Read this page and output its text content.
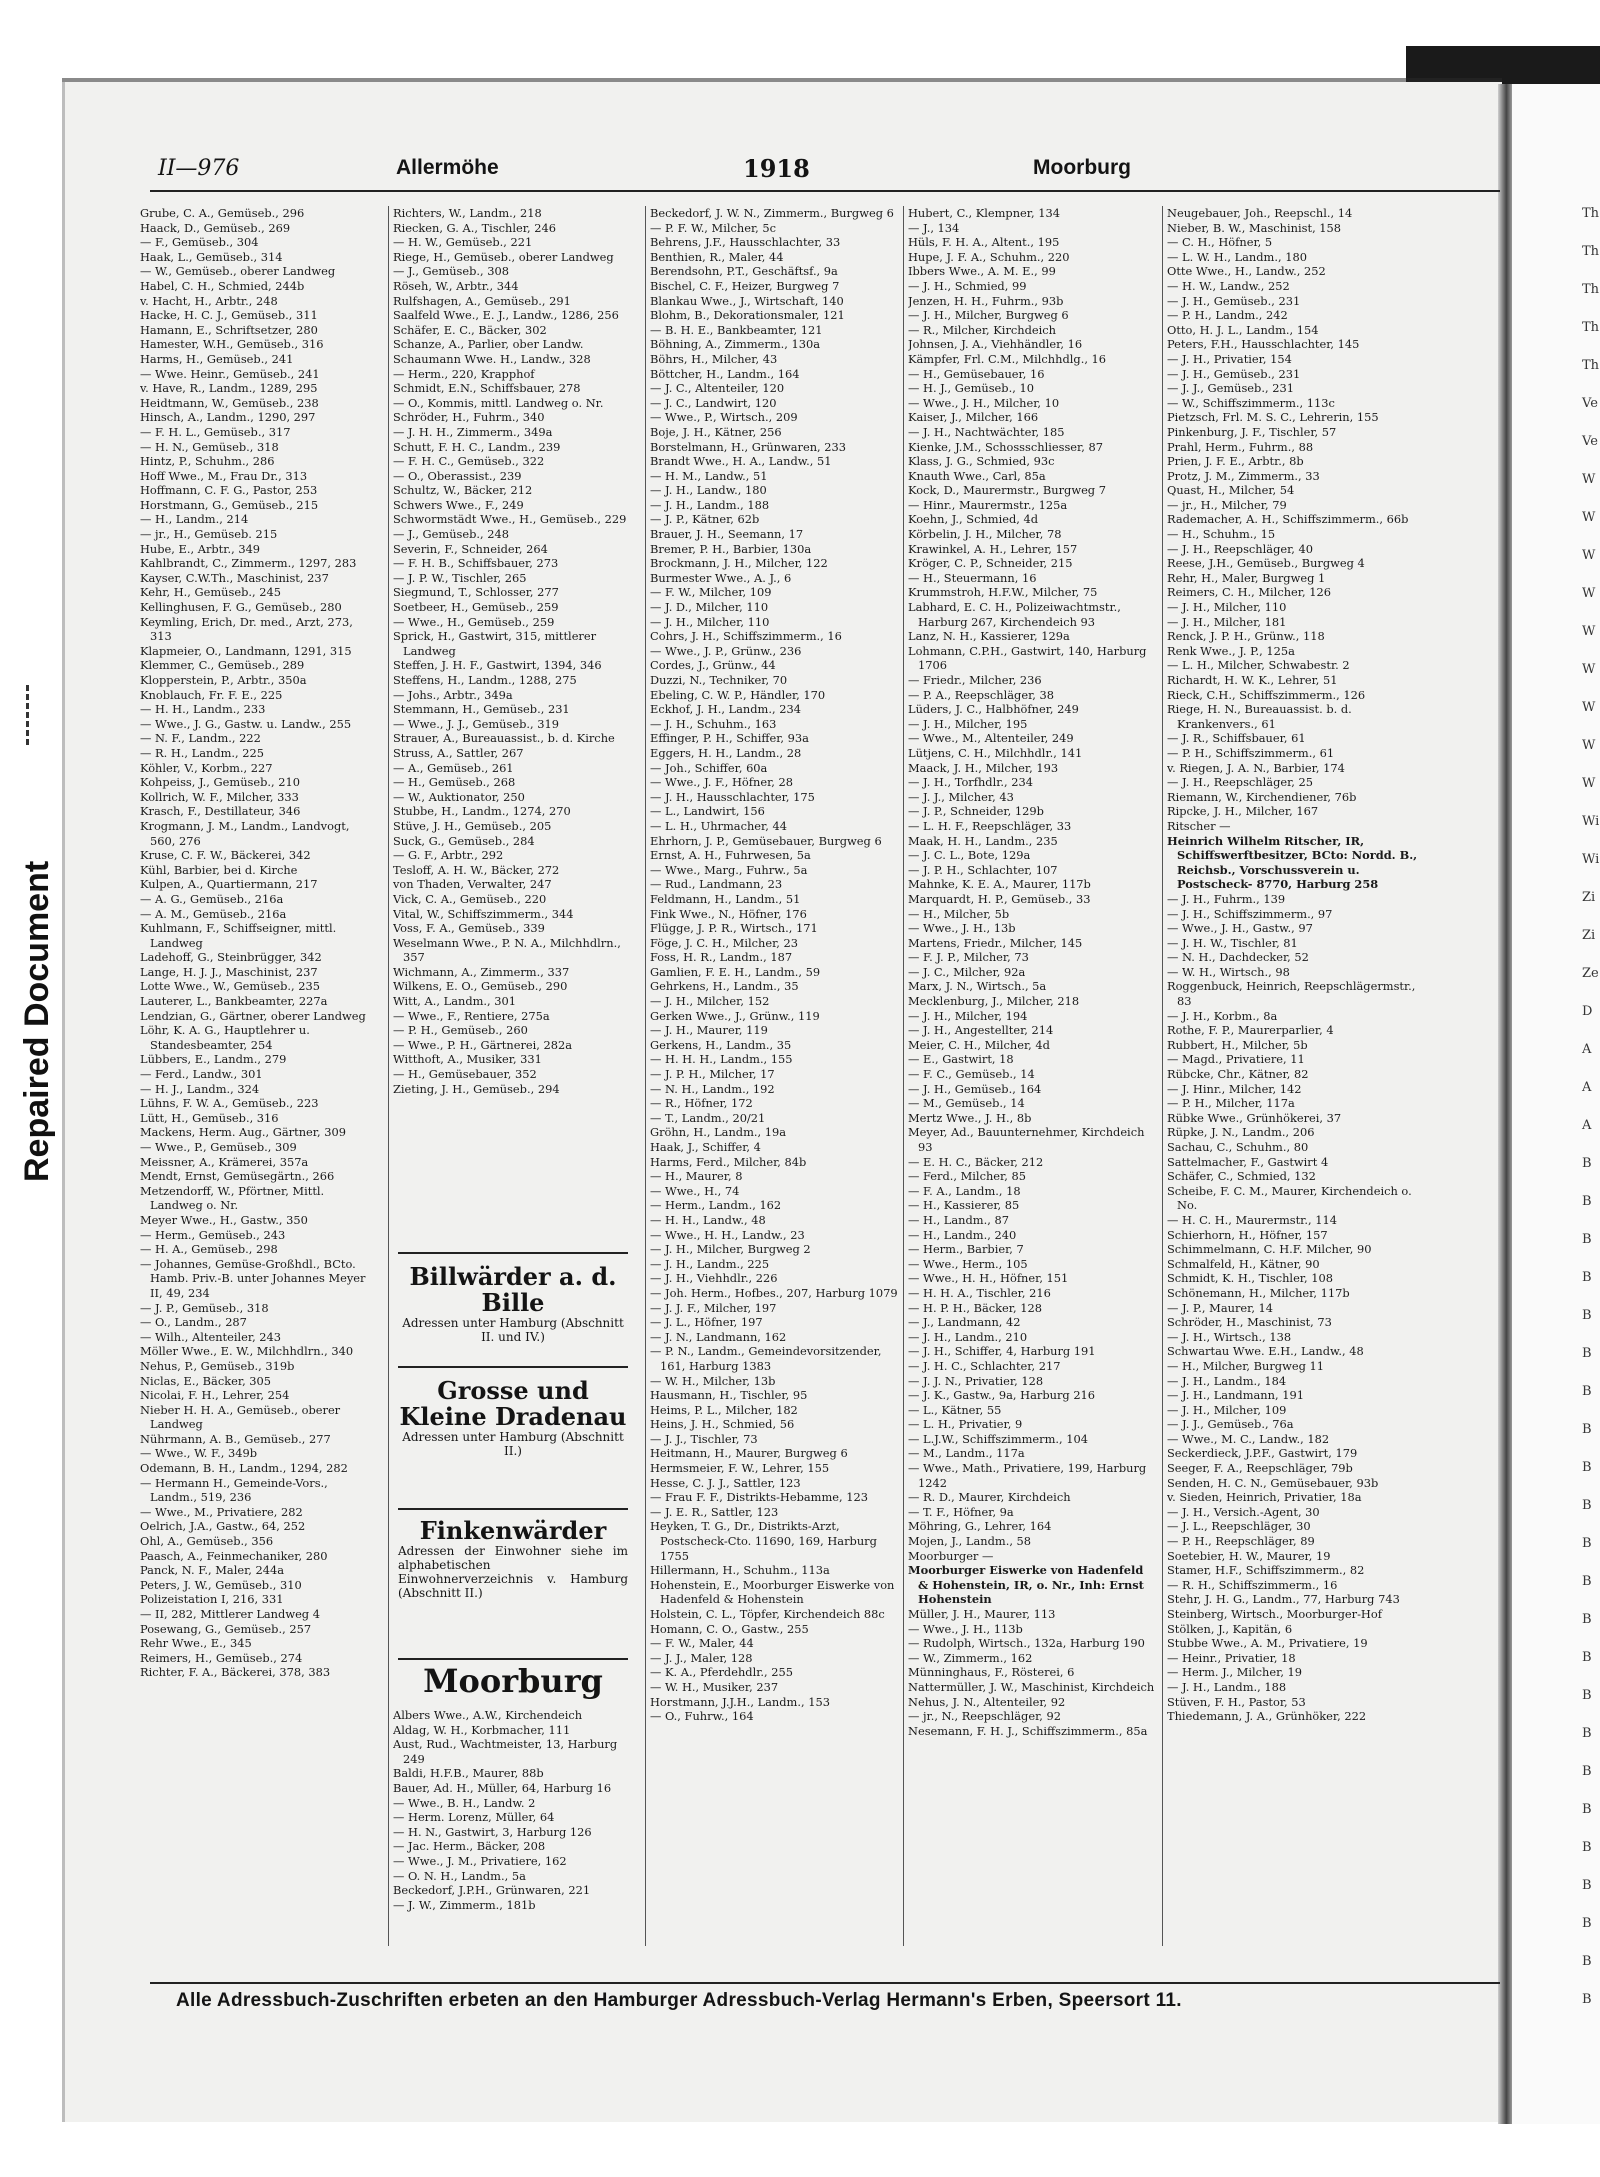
Repaired Document
Th
Th
Th
Th
Th
Ve
Ve
W
W
W
W
W
W
W
W
W
Wi
Wi
Zi
Zi
Ze
D
A
A
A
B
B
B
B
B
B
B
B
B
B
B
B
B
B
B
B
B
B
B
B
B
B
B
II—976	Allermöhe	1918	Moorburg

Grube, C. A., Gemüseb., 296

Haack, D., Gemüseb., 269

— F., Gemüseb., 304

Haak, L., Gemüseb., 314

— W., Gemüseb., oberer Landweg

Habel, C. H., Schmied, 244b

v. Hacht, H., Arbtr., 248

Hacke, H. C. J., Gemüseb., 311

Hamann, E., Schriftsetzer, 280

Hamester, W.H., Gemüseb., 316

Harms, H., Gemüseb., 241

— Wwe. Heinr., Gemüseb., 241

v. Have, R., Landm., 1289, 295

Heidtmann, W., Gemüseb., 238

Hinsch, A., Landm., 1290, 297

— F. H. L., Gemüseb., 317

— H. N., Gemüseb., 318

Hintz, P., Schuhm., 286

Hoff Wwe., M., Frau Dr., 313

Hoffmann, C. F. G., Pastor, 253

Horstmann, G., Gemüseb., 215

— H., Landm., 214

— jr., H., Gemüseb. 215

Hube, E., Arbtr., 349

Kahlbrandt, C., Zimmerm., 1297, 283

Kayser, C.W.Th., Maschinist, 237

Kehr, H., Gemüseb., 245

Kellinghusen, F. G., Gemüseb., 280

Keymling, Erich, Dr. med., Arzt, 273, 313

Klapmeier, O., Landmann, 1291, 315

Klemmer, C., Gemüseb., 289

Klopperstein, P., Arbtr., 350a

Knoblauch, Fr. F. E., 225

— H. H., Landm., 233

— Wwe., J. G., Gastw. u. Landw., 255

— N. F., Landm., 222

— R. H., Landm., 225

Köhler, V., Korbm., 227

Kohpeiss, J., Gemüseb., 210

Kollrich, W. F., Milcher, 333

Krasch, F., Destillateur, 346

Krogmann, J. M., Landm., Landvogt, 560, 276

Kruse, C. F. W., Bäckerei, 342

Kühl, Barbier, bei d. Kirche

Kulpen, A., Quartiermann, 217

— A. G., Gemüseb., 216a

— A. M., Gemüseb., 216a

Kuhlmann, F., Schiffseigner, mittl. Landweg

Ladehoff, G., Steinbrügger, 342

Lange, H. J. J., Maschinist, 237

Lotte Wwe., W., Gemüseb., 235

Lauterer, L., Bankbeamter, 227a

Lendzian, G., Gärtner, oberer Landweg

Löhr, K. A. G., Hauptlehrer u. Standesbeamter, 254

Lübbers, E., Landm., 279

— Ferd., Landw., 301

— H. J., Landm., 324

Lühns, F. W. A., Gemüseb., 223

Lütt, H., Gemüseb., 316

Mackens, Herm. Aug., Gärtner, 309

— Wwe., P., Gemüseb., 309

Meissner, A., Krämerei, 357a

Mendt, Ernst, Gemüsegärtn., 266

Metzendorff, W., Pförtner, Mittl. Landweg o. Nr.

Meyer Wwe., H., Gastw., 350

— Herm., Gemüseb., 243

— H. A., Gemüseb., 298

— Johannes, Gemüse-Großhdl., BCto. Hamb. Priv.-B. unter Johannes Meyer II, 49, 234

— J. P., Gemüseb., 318

— O., Landm., 287

— Wilh., Altenteiler, 243

Möller Wwe., E. W., Milchhdlrn., 340

Nehus, P., Gemüseb., 319b

Niclas, E., Bäcker, 305

Nicolai, F. H., Lehrer, 254

Nieber H. H. A., Gemüseb., oberer Landweg

Nührmann, A. B., Gemüseb., 277

— Wwe., W. F., 349b

Odemann, B. H., Landm., 1294, 282

— Hermann H., Gemeinde-Vors., Landm., 519, 236

— Wwe., M., Privatiere, 282

Oelrich, J.A., Gastw., 64, 252

Ohl, A., Gemüseb., 356

Paasch, A., Feinmechaniker, 280

Panck, N. F., Maler, 244a

Peters, J. W., Gemüseb., 310

Polizeistation I, 216, 331

— II, 282, Mittlerer Landweg 4

Posewang, G., Gemüseb., 257

Rehr Wwe., E., 345

Reimers, H., Gemüseb., 274

Richter, F. A., Bäckerei, 378, 383

Richters, W., Landm., 218

Riecken, G. A., Tischler, 246

— H. W., Gemüseb., 221

Riege, H., Gemüseb., oberer Landweg

— J., Gemüseb., 308

Röseh, W., Arbtr., 344

Rulfshagen, A., Gemüseb., 291

Saalfeld Wwe., E. J., Landw., 1286, 256

Schäfer, E. C., Bäcker, 302

Schanze, A., Parlier, ober Landw.

Schaumann Wwe. H., Landw., 328

— Herm., 220, Krapphof

Schmidt, E.N., Schiffsbauer, 278

— O., Kommis, mittl. Landweg o. Nr.

Schröder, H., Fuhrm., 340

— J. H. H., Zimmerm., 349a

Schutt, F. H. C., Landm., 239

— F. H. C., Gemüseb., 322

— O., Oberassist., 239

Schultz, W., Bäcker, 212

Schwers Wwe., F., 249

Schwormstädt Wwe., H., Gemüseb., 229

— J., Gemüseb., 248

Severin, F., Schneider, 264

— F. H. B., Schiffsbauer, 273

— J. P. W., Tischler, 265

Siegmund, T., Schlosser, 277

Soetbeer, H., Gemüseb., 259

— Wwe., H., Gemüseb., 259

Sprick, H., Gastwirt, 315, mittlerer Landweg

Steffen, J. H. F., Gastwirt, 1394, 346

Steffens, H., Landm., 1288, 275

— Johs., Arbtr., 349a

Stemmann, H., Gemüseb., 231

— Wwe., J. J., Gemüseb., 319

Strauer, A., Bureauassist., b. d. Kirche

Struss, A., Sattler, 267

— A., Gemüseb., 261

— H., Gemüseb., 268

— W., Auktionator, 250

Stubbe, H., Landm., 1274, 270

Stüve, J. H., Gemüseb., 205

Suck, G., Gemüseb., 284

— G. F., Arbtr., 292

Tesloff, A. H. W., Bäcker, 272

von Thaden, Verwalter, 247

Vick, C. A., Gemüseb., 220

Vital, W., Schiffszimmerm., 344

Voss, F. A., Gemüseb., 339

Weselmann Wwe., P. N. A., Milchhdlrn., 357

Wichmann, A., Zimmerm., 337

Wilkens, E. O., Gemüseb., 290

Witt, A., Landm., 301

— Wwe., F., Rentiere, 275a

— P. H., Gemüseb., 260

— Wwe., P. H., Gärtnerei, 282a

Witthoft, A., Musiker, 331

— H., Gemüsebauer, 352

Zieting, J. H., Gemüseb., 294

Billwärder a. d. Bille
Adressen unter Hamburg (Abschnitt II. und IV.)
Grosse und Kleine Dradenau
Adressen unter Hamburg (Abschnitt II.)
Finkenwärder
Adressen der Einwohner siehe im alphabetischen Einwohnerverzeichnis v. Hamburg (Abschnitt II.)
Moorburg

Albers Wwe., A.W., Kirchendeich

Aldag, W. H., Korbmacher, 111

Aust, Rud., Wachtmeister, 13, Harburg 249

Baldi, H.F.B., Maurer, 88b

Bauer, Ad. H., Müller, 64, Harburg 16

— Wwe., B. H., Landw. 2

— Herm. Lorenz, Müller, 64

— H. N., Gastwirt, 3, Harburg 126

— Jac. Herm., Bäcker, 208

— Wwe., J. M., Privatiere, 162

— O. N. H., Landm., 5a

Beckedorf, J.P.H., Grünwaren, 221

— J. W., Zimmerm., 181b

Beckedorf, J. W. N., Zimmerm., Burgweg 6

— P. F. W., Milcher, 5c

Behrens, J.F., Hausschlachter, 33

Benthien, R., Maler, 44

Berendsohn, P.T., Geschäftsf., 9a

Bischel, C. F., Heizer, Burgweg 7

Blankau Wwe., J., Wirtschaft, 140

Blohm, B., Dekorationsmaler, 121

— B. H. E., Bankbeamter, 121

Böhning, A., Zimmerm., 130a

Böhrs, H., Milcher, 43

Böttcher, H., Landm., 164

— J. C., Altenteiler, 120

— J. C., Landwirt, 120

— Wwe., P., Wirtsch., 209

Boje, J. H., Kätner, 256

Borstelmann, H., Grünwaren, 233

Brandt Wwe., H. A., Landw., 51

— H. M., Landw., 51

— J. H., Landw., 180

— J. H., Landm., 188

— J. P., Kätner, 62b

Brauer, J. H., Seemann, 17

Bremer, P. H., Barbier, 130a

Brockmann, J. H., Milcher, 122

Burmester Wwe., A. J., 6

— F. W., Milcher, 109

— J. D., Milcher, 110

— J. H., Milcher, 110

Cohrs, J. H., Schiffszimmerm., 16

— Wwe., J. P., Grünw., 236

Cordes, J., Grünw., 44

Duzzi, N., Techniker, 70

Ebeling, C. W. P., Händler, 170

Eckhof, J. H., Landm., 234

— J. H., Schuhm., 163

Effinger, P. H., Schiffer, 93a

Eggers, H. H., Landm., 28

— Joh., Schiffer, 60a

— Wwe., J. F., Höfner, 28

— J. H., Hausschlachter, 175

— L., Landwirt, 156

— L. H., Uhrmacher, 44

Ehrhorn, J. P., Gemüsebauer, Burgweg 6

Ernst, A. H., Fuhrwesen, 5a

— Wwe., Marg., Fuhrw., 5a

— Rud., Landmann, 23

Feldmann, H., Landm., 51

Fink Wwe., N., Höfner, 176

Flügge, J. P. R., Wirtsch., 171

Föge, J. C. H., Milcher, 23

Foss, H. R., Landm., 187

Gamlien, F. E. H., Landm., 59

Gehrkens, H., Landm., 35

— J. H., Milcher, 152

Gerken Wwe., J., Grünw., 119

— J. H., Maurer, 119

Gerkens, H., Landm., 35

— H. H. H., Landm., 155

— J. P. H., Milcher, 17

— N. H., Landm., 192

— R., Höfner, 172

— T., Landm., 20/21

Gröhn, H., Landm., 19a

Haak, J., Schiffer, 4

Harms, Ferd., Milcher, 84b

— H., Maurer, 8

— Wwe., H., 74

— Herm., Landm., 162

— H. H., Landw., 48

— Wwe., H. H., Landw., 23

— J. H., Milcher, Burgweg 2

— J. H., Landm., 225

— J. H., Viehhdlr., 226

— Joh. Herm., Hofbes., 207, Harburg 1079

— J. J. F., Milcher, 197

— J. L., Höfner, 197

— J. N., Landmann, 162

— P. N., Landm., Gemeindevorsitzender, 161, Harburg 1383

— W. H., Milcher, 13b

Hausmann, H., Tischler, 95

Heims, P. L., Milcher, 182

Heins, J. H., Schmied, 56

— J. J., Tischler, 73

Heitmann, H., Maurer, Burgweg 6

Hermsmeier, F. W., Lehrer, 155

Hesse, C. J. J., Sattler, 123

— Frau F. F., Distrikts-Hebamme, 123

— J. E. R., Sattler, 123

Heyken, T. G., Dr., Distrikts-Arzt, Postscheck-Cto. 11690, 169, Harburg 1755

Hillermann, H., Schuhm., 113a

Hohenstein, E., Moorburger Eiswerke von Hadenfeld & Hohenstein

Holstein, C. L., Töpfer, Kirchendeich 88c

Homann, C. O., Gastw., 255

— F. W., Maler, 44

— J. J., Maler, 128

— K. A., Pferdehdlr., 255

— W. H., Musiker, 237

Horstmann, J.J.H., Landm., 153

— O., Fuhrw., 164

Hubert, C., Klempner, 134

— J., 134

Hüls, F. H. A., Altent., 195

Hupe, J. F. A., Schuhm., 220

Ibbers Wwe., A. M. E., 99

— J. H., Schmied, 99

Jenzen, H. H., Fuhrm., 93b

— J. H., Milcher, Burgweg 6

— R., Milcher, Kirchdeich

Johnsen, J. A., Viehhändler, 16

Kämpfer, Frl. C.M., Milchhdlg., 16

— H., Gemüsebauer, 16

— H. J., Gemüseb., 10

— Wwe., J. H., Milcher, 10

Kaiser, J., Milcher, 166

— J. H., Nachtwächter, 185

Kienke, J.M., Schossschliesser, 87

Klass, J. G., Schmied, 93c

Knauth Wwe., Carl, 85a

Kock, D., Maurermstr., Burgweg 7

— Hinr., Maurermstr., 125a

Koehn, J., Schmied, 4d

Körbelin, J. H., Milcher, 78

Krawinkel, A. H., Lehrer, 157

Kröger, C. P., Schneider, 215

— H., Steuermann, 16

Krummstroh, H.F.W., Milcher, 75

Labhard, E. C. H., Polizeiwachtmstr., Harburg 267, Kirchendeich 93

Lanz, N. H., Kassierer, 129a

Lohmann, C.P.H., Gastwirt, 140, Harburg 1706

— Friedr., Milcher, 236

— P. A., Reepschläger, 38

Lüders, J. C., Halbhöfner, 249

— J. H., Milcher, 195

— Wwe., M., Altenteiler, 249

Lütjens, C. H., Milchhdlr., 141

Maack, J. H., Milcher, 193

— J. H., Torfhdlr., 234

— J. J., Milcher, 43

— J. P., Schneider, 129b

— L. H. F., Reepschläger, 33

Maak, H. H., Landm., 235

— J. C. L., Bote, 129a

— J. P. H., Schlachter, 107

Mahnke, K. E. A., Maurer, 117b

Marquardt, H. P., Gemüseb., 33

— H., Milcher, 5b

— Wwe., J. H., 13b

Martens, Friedr., Milcher, 145

— F. J. P., Milcher, 73

— J. C., Milcher, 92a

Marx, J. N., Wirtsch., 5a

Mecklenburg, J., Milcher, 218

— J. H., Milcher, 194

— J. H., Angestellter, 214

Meier, C. H., Milcher, 4d

— E., Gastwirt, 18

— F. C., Gemüseb., 14

— J. H., Gemüseb., 164

— M., Gemüseb., 14

Mertz Wwe., J. H., 8b

Meyer, Ad., Bauunternehmer, Kirchdeich 93

— E. H. C., Bäcker, 212

— Ferd., Milcher, 85

— F. A., Landm., 18

— H., Kassierer, 85

— H., Landm., 87

— H., Landm., 240

— Herm., Barbier, 7

— Wwe., Herm., 105

— Wwe., H. H., Höfner, 151

— H. H. A., Tischler, 216

— H. P. H., Bäcker, 128

— J., Landmann, 42

— J. H., Landm., 210

— J. H., Schiffer, 4, Harburg 191

— J. H. C., Schlachter, 217

— J. J. N., Privatier, 128

— J. K., Gastw., 9a, Harburg 216

— L., Kätner, 55

— L. H., Privatier, 9

— L.J.W., Schiffszimmerm., 104

— M., Landm., 117a

— Wwe., Math., Privatiere, 199, Harburg 1242

— R. D., Maurer, Kirchdeich

— T. F., Höfner, 9a

Möhring, G., Lehrer, 164

Mojen, J., Landm., 58

Moorburger —

Moorburger Eiswerke von Hadenfeld & Hohenstein, IR, o. Nr., Inh: Ernst Hohenstein

Müller, J. H., Maurer, 113

— Wwe., J. H., 113b

— Rudolph, Wirtsch., 132a, Harburg 190

— W., Zimmerm., 162

Münninghaus, F., Rösterei, 6

Nattermüller, J. W., Maschinist, Kirchdeich

Nehus, J. N., Altenteiler, 92

— jr., N., Reepschläger, 92

Nesemann, F. H. J., Schiffszimmerm., 85a

Neugebauer, Joh., Reepschl., 14

Nieber, B. W., Maschinist, 158

— C. H., Höfner, 5

— L. W. H., Landm., 180

Otte Wwe., H., Landw., 252

— H. W., Landw., 252

— J. H., Gemüseb., 231

— P. H., Landm., 242

Otto, H. J. L., Landm., 154

Peters, F.H., Hausschlachter, 145

— J. H., Privatier, 154

— J. H., Gemüseb., 231

— J. J., Gemüseb., 231

— W., Schiffszimmerm., 113c

Pietzsch, Frl. M. S. C., Lehrerin, 155

Pinkenburg, J. F., Tischler, 57

Prahl, Herm., Fuhrm., 88

Prien, J. F. E., Arbtr., 8b

Protz, J. M., Zimmerm., 33

Quast, H., Milcher, 54

— jr., H., Milcher, 79

Rademacher, A. H., Schiffszimmerm., 66b

— H., Schuhm., 15

— J. H., Reepschläger, 40

Reese, J.H., Gemüseb., Burgweg 4

Rehr, H., Maler, Burgweg 1

Reimers, C. H., Milcher, 126

— J. H., Milcher, 110

— J. H., Milcher, 181

Renck, J. P. H., Grünw., 118

Renk Wwe., J. P., 125a

— L. H., Milcher, Schwabestr. 2

Richardt, H. W. K., Lehrer, 51

Rieck, C.H., Schiffszimmerm., 126

Riege, H. N., Bureauassist. b. d. Krankenvers., 61

— J. R., Schiffsbauer, 61

— P. H., Schiffszimmerm., 61

v. Riegen, J. A. N., Barbier, 174

— J. H., Reepschläger, 25

Riemann, W., Kirchendiener, 76b

Ripcke, J. H., Milcher, 167

Ritscher —

Heinrich Wilhelm Ritscher, IR, Schiffswerftbesitzer, BCto: Nordd. B., Reichsb., Vorschussverein u. Postscheck- 8770, Harburg 258

— J. H., Fuhrm., 139

— J. H., Schiffszimmerm., 97

— Wwe., J. H., Gastw., 97

— J. H. W., Tischler, 81

— N. H., Dachdecker, 52

— W. H., Wirtsch., 98

Roggenbuck, Heinrich, Reepschlägermstr., 83

— J. H., Korbm., 8a

Rothe, F. P., Maurerparlier, 4

Rubbert, H., Milcher, 5b

— Magd., Privatiere, 11

Rübcke, Chr., Kätner, 82

— J. Hinr., Milcher, 142

— P. H., Milcher, 117a

Rübke Wwe., Grünhökerei, 37

Rüpke, J. N., Landm., 206

Sachau, C., Schuhm., 80

Sattelmacher, F., Gastwirt 4

Schäfer, C., Schmied, 132

Scheibe, F. C. M., Maurer, Kirchendeich o. No.

— H. C. H., Maurermstr., 114

Schierhorn, H., Höfner, 157

Schimmelmann, C. H.F. Milcher, 90

Schmalfeld, H., Kätner, 90

Schmidt, K. H., Tischler, 108

Schönemann, H., Milcher, 117b

— J. P., Maurer, 14

Schröder, H., Maschinist, 73

— J. H., Wirtsch., 138

Schwartau Wwe. E.H., Landw., 48

— H., Milcher, Burgweg 11

— J. H., Landm., 184

— J. H., Landmann, 191

— J. H., Milcher, 109

— J. J., Gemüseb., 76a

— Wwe., M. C., Landw., 182

Seckerdieck, J.P.F., Gastwirt, 179

Seeger, F. A., Reepschläger, 79b

Senden, H. C. N., Gemüsebauer, 93b

v. Sieden, Heinrich, Privatier, 18a

— J. H., Versich.-Agent, 30

— J. L., Reepschläger, 30

— P. H., Reepschläger, 89

Soetebier, H. W., Maurer, 19

Stamer, H.F., Schiffszimmerm., 82

— R. H., Schiffszimmerm., 16

Stehr, J. H. G., Landm., 77, Harburg 743

Steinberg, Wirtsch., Moorburger-Hof

Stölken, J., Kapitän, 6

Stubbe Wwe., A. M., Privatiere, 19

— Heinr., Privatier, 18

— Herm. J., Milcher, 19

— J. H., Landm., 188

Stüven, F. H., Pastor, 53

Thiedemann, J. A., Grünhöker, 222

Alle Adressbuch-Zuschriften erbeten an den Hamburger Adressbuch-Verlag Hermann's Erben, Speersort 11.
